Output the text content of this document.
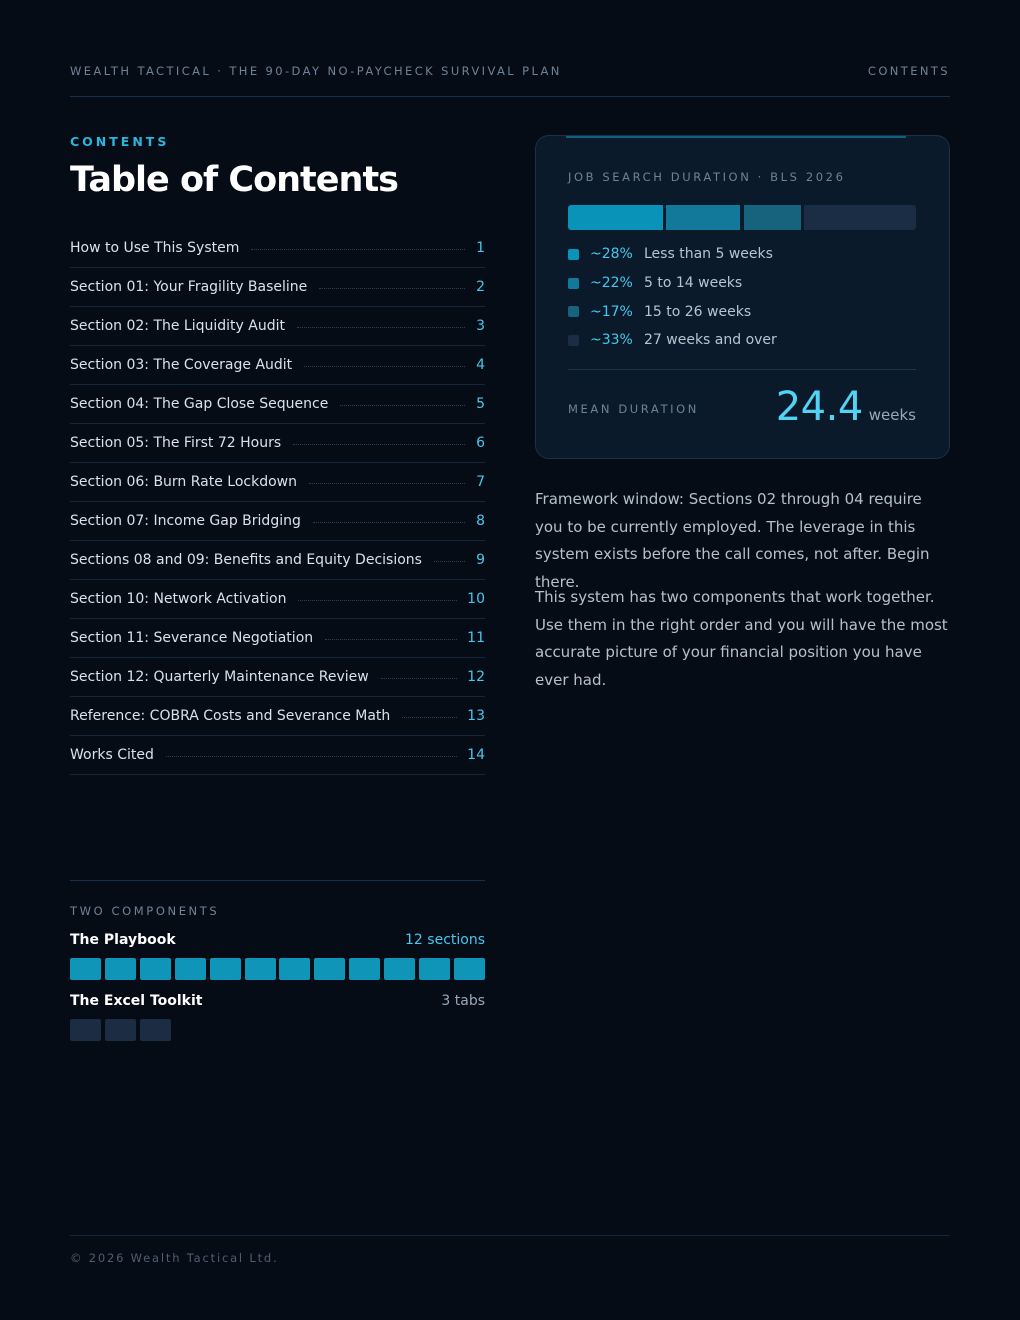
WEALTH TACTICAL · THE 90-DAY NO-PAYCHECK SURVIVAL PLAN	CONTENTS
CONTENTS
Table of Contents
How to Use This System	1
Section 01: Your Fragility Baseline	2
Section 02: The Liquidity Audit	3
Section 03: The Coverage Audit	4
Section 04: The Gap Close Sequence	5
Section 05: The First 72 Hours	6
Section 06: Burn Rate Lockdown	7
Section 07: Income Gap Bridging	8
Sections 08 and 09: Benefits and Equity Decisions	9
Section 10: Network Activation	10
Section 11: Severance Negotiation	11
Section 12: Quarterly Maintenance Review	12
Reference: COBRA Costs and Severance Math	13
Works Cited	14
TWO COMPONENTS
The Playbook	12 sections
The Excel Toolkit	3 tabs
JOB SEARCH DURATION · BLS 2026
~28% Less than 5 weeks
~22% 5 to 14 weeks
~17% 15 to 26 weeks
~33% 27 weeks and over
MEAN DURATION 24.4 weeks

Framework window: Sections 02 through 04 require you to be currently employed. The leverage in this system exists before the call comes, not after. Begin there.

This system has two components that work together. Use them in the right order and you will have the most accurate picture of your financial position you have ever had.

© 2026 Wealth Tactical Ltd.
